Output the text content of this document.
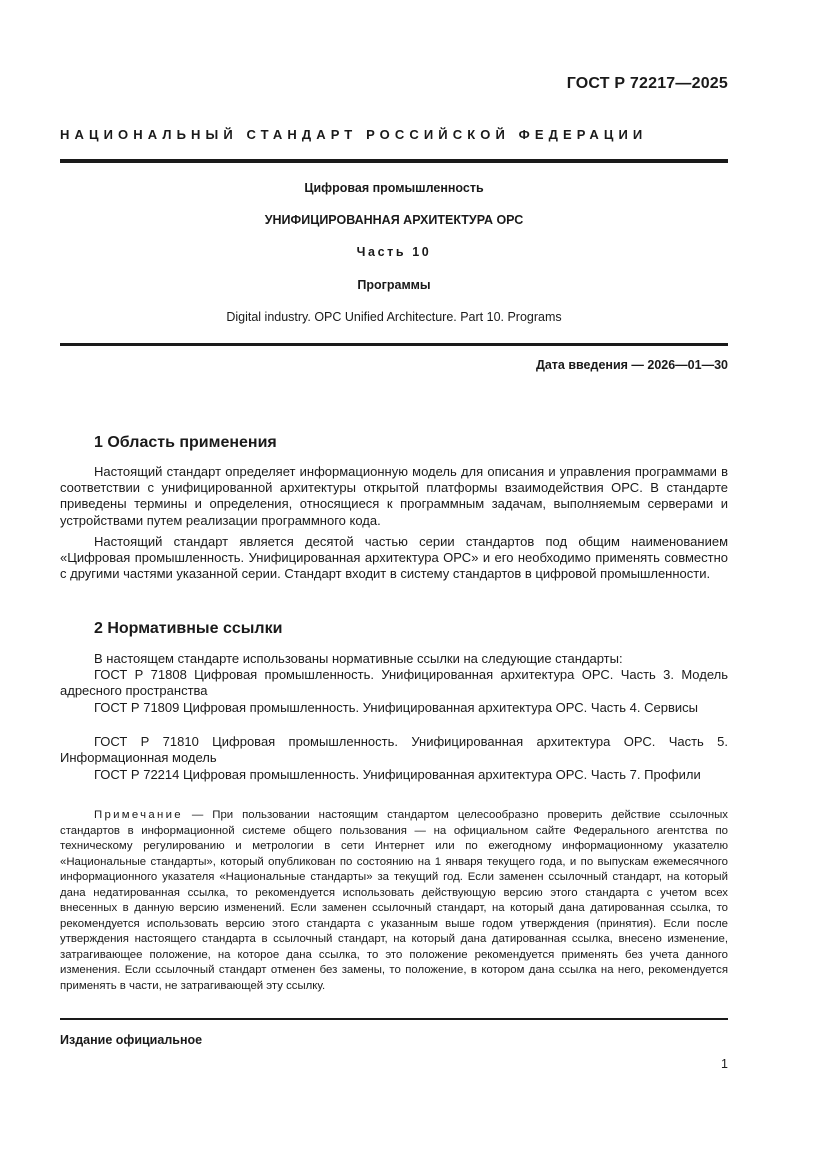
ГОСТ Р 72217—2025
НАЦИОНАЛЬНЫЙ СТАНДАРТ РОССИЙСКОЙ ФЕДЕРАЦИИ
Цифровая промышленность
УНИФИЦИРОВАННАЯ АРХИТЕКТУРА ОРС
Часть 10
Программы
Digital industry. OPC Unified Architecture. Part 10. Programs
Дата введения — 2026—01—30
1 Область применения

Настоящий стандарт определяет информационную модель для описания и управления программами в соответствии с унифицированной архитектуры открытой платформы взаимодействия ОРС. В стандарте приведены термины и определения, относящиеся к программным задачам, выполняемым серверами и устройствами путем реализации программного кода.

Настоящий стандарт является десятой частью серии стандартов под общим наименованием «Цифровая промышленность. Унифицированная архитектура ОРС» и его необходимо применять совместно с другими частями указанной серии. Стандарт входит в систему стандартов в цифровой промышленности.

2 Нормативные ссылки

В настоящем стандарте использованы нормативные ссылки на следующие стандарты:

ГОСТ Р 71808 Цифровая промышленность. Унифицированная архитектура ОРС. Часть 3. Модель адресного пространства

ГОСТ Р 71809 Цифровая промышленность. Унифицированная архитектура ОРС. Часть 4. Сервисы

ГОСТ Р 71810 Цифровая промышленность. Унифицированная архитектура ОРС. Часть 5. Информационная модель

ГОСТ Р 72214 Цифровая промышленность. Унифицированная архитектура ОРС. Часть 7. Профили

Примечание — При пользовании настоящим стандартом целесообразно проверить действие ссылочных стандартов в информационной системе общего пользования — на официальном сайте Федерального агентства по техническому регулированию и метрологии в сети Интернет или по ежегодному информационному указателю «Национальные стандарты», который опубликован по состоянию на 1 января текущего года, и по выпускам ежемесячного информационного указателя «Национальные стандарты» за текущий год. Если заменен ссылочный стандарт, на который дана недатированная ссылка, то рекомендуется использовать действующую версию этого стандарта с учетом всех внесенных в данную версию изменений. Если заменен ссылочный стандарт, на который дана датированная ссылка, то рекомендуется использовать версию этого стандарта с указанным выше годом утверждения (принятия). Если после утверждения настоящего стандарта в ссылочный стандарт, на который дана датированная ссылка, внесено изменение, затрагивающее положение, на которое дана ссылка, то это положение рекомендуется применять без учета данного изменения. Если ссылочный стандарт отменен без замены, то положение, в котором дана ссылка на него, рекомендуется применять в части, не затрагивающей эту ссылку.

Издание официальное
1
